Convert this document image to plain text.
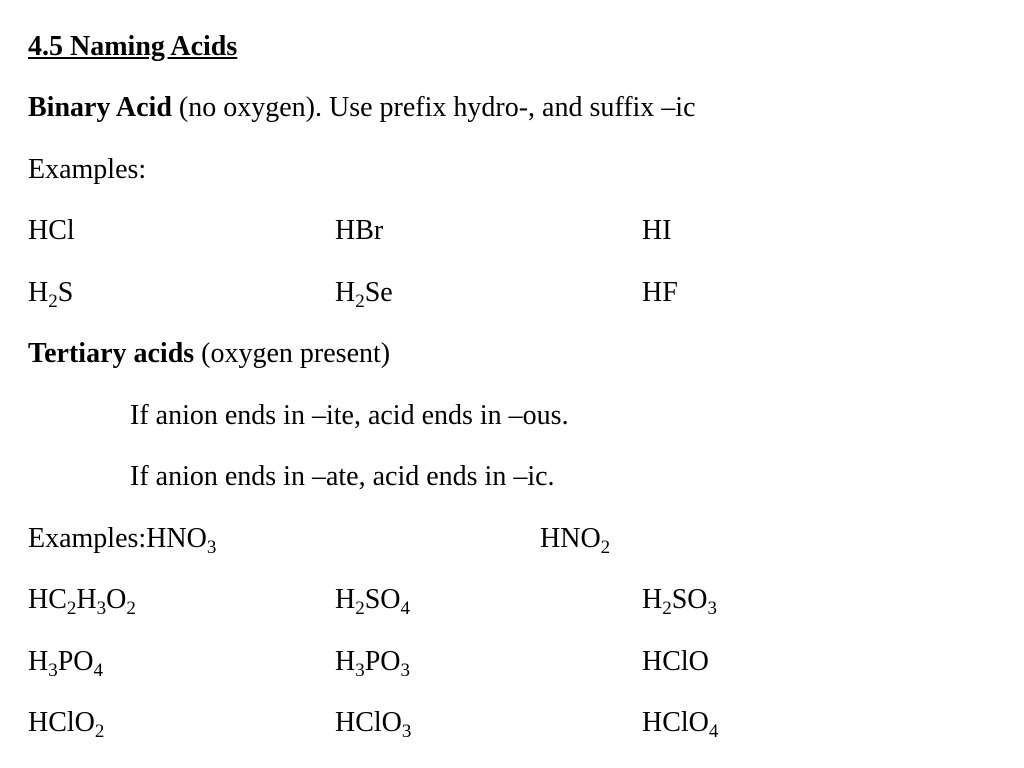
4.5 Naming Acids
Binary Acid (no oxygen). Use prefix hydro-, and suffix –ic
Examples:
HCl	HBr	HI
$H_2S$	$H_2Se$	HF
Tertiary acids (oxygen present)
If anion ends in –ite, acid ends in –ous.
If anion ends in –ate, acid ends in –ic.
$Examples:HNO_3$	$HNO_2$
$HC_2H_3O_2$	$H_2SO_4$	$H_2SO_3$
$H_3PO_4$	$H_3PO_3$	HClO
HClO$_2$	HClO$_3$	HClO$_4$
